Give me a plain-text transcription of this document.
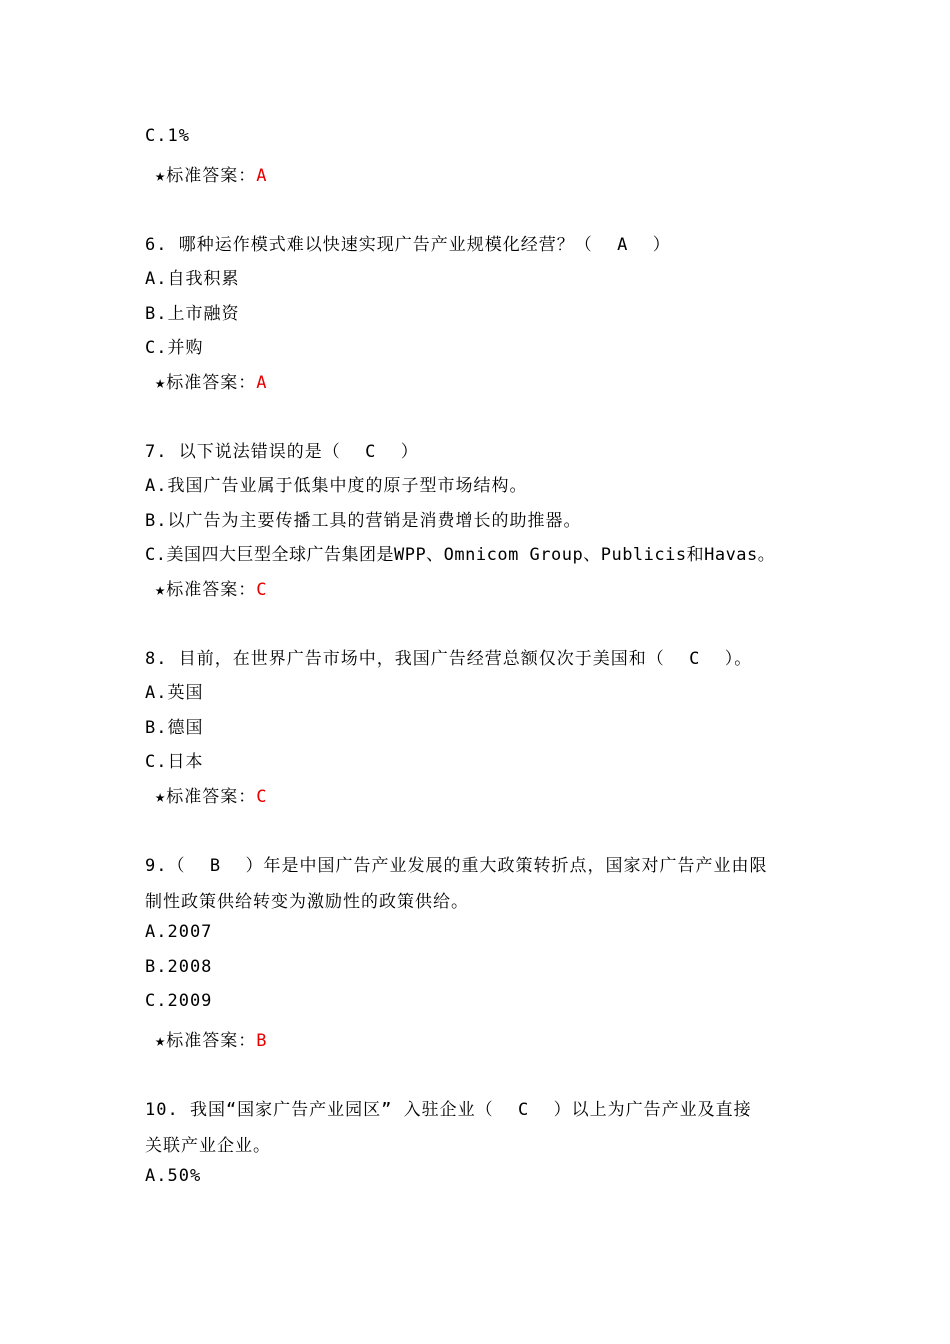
C.1%
★标准答案：A
6. 哪种运作模式难以快速实现广告产业规模化经营？（ A ）
A.自我积累
B.上市融资
C.并购
★标准答案：A
7. 以下说法错误的是（ C ）
A.我国广告业属于低集中度的原子型市场结构。
B.以广告为主要传播工具的营销是消费增长的助推器。
C.美国四大巨型全球广告集团是WPP、Omnicom Group、Publicis和Havas。
★标准答案：C
8. 目前，在世界广告市场中，我国广告经营总额仅次于美国和（ C ）。
A.英国
B.德国
C.日本
★标准答案：C
9.（ B ）年是中国广告产业发展的重大政策转折点，国家对广告产业由限
制性政策供给转变为激励性的政策供给。
A.2007
B.2008
C.2009
★标准答案：B
10. 我国“国家广告产业园区” 入驻企业（ C ）以上为广告产业及直接
关联产业企业。
A.50%
